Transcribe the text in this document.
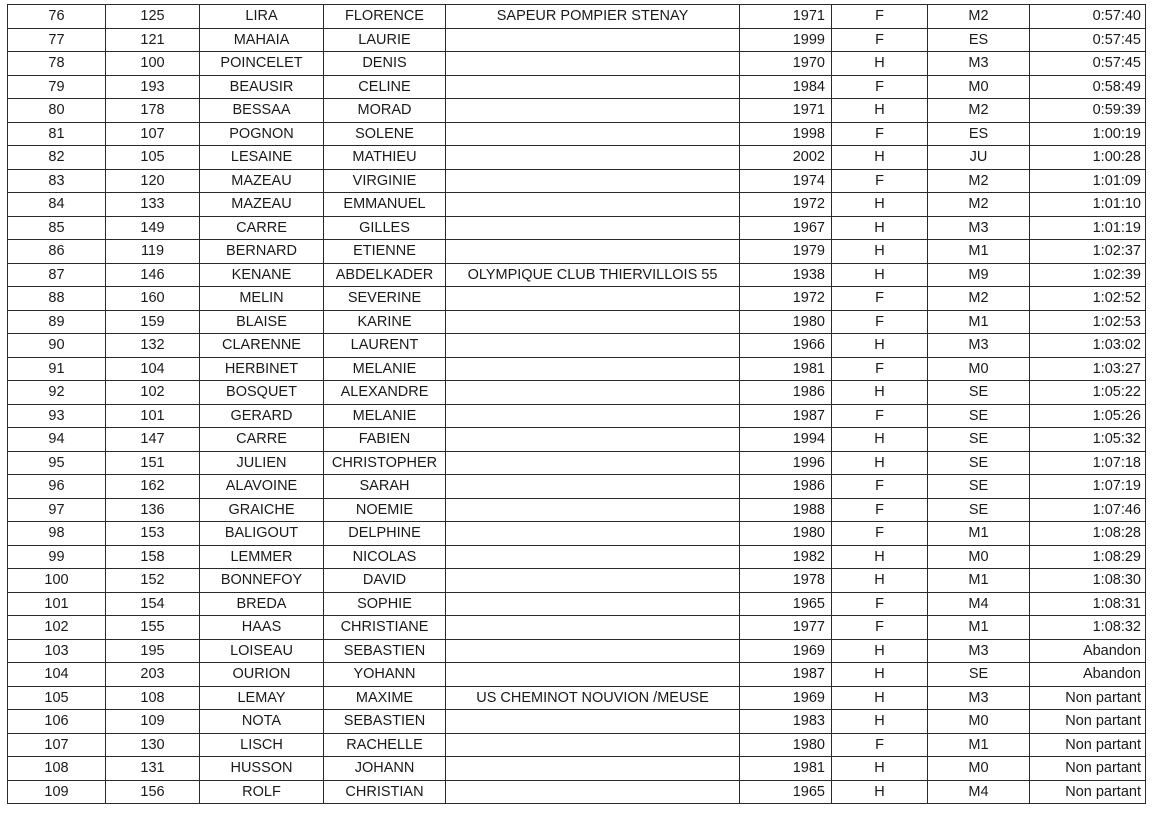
76	125	LIRA	FLORENCE	SAPEUR POMPIER STENAY	1971	F	M2	0:57:40
77	121	MAHAIA	LAURIE		1999	F	ES	0:57:45
78	100	POINCELET	DENIS		1970	H	M3	0:57:45
79	193	BEAUSIR	CELINE		1984	F	M0	0:58:49
80	178	BESSAA	MORAD		1971	H	M2	0:59:39
81	107	POGNON	SOLENE		1998	F	ES	1:00:19
82	105	LESAINE	MATHIEU		2002	H	JU	1:00:28
83	120	MAZEAU	VIRGINIE		1974	F	M2	1:01:09
84	133	MAZEAU	EMMANUEL		1972	H	M2	1:01:10
85	149	CARRE	GILLES		1967	H	M3	1:01:19
86	119	BERNARD	ETIENNE		1979	H	M1	1:02:37
87	146	KENANE	ABDELKADER	OLYMPIQUE CLUB THIERVILLOIS 55	1938	H	M9	1:02:39
88	160	MELIN	SEVERINE		1972	F	M2	1:02:52
89	159	BLAISE	KARINE		1980	F	M1	1:02:53
90	132	CLARENNE	LAURENT		1966	H	M3	1:03:02
91	104	HERBINET	MELANIE		1981	F	M0	1:03:27
92	102	BOSQUET	ALEXANDRE		1986	H	SE	1:05:22
93	101	GERARD	MELANIE		1987	F	SE	1:05:26
94	147	CARRE	FABIEN		1994	H	SE	1:05:32
95	151	JULIEN	CHRISTOPHER		1996	H	SE	1:07:18
96	162	ALAVOINE	SARAH		1986	F	SE	1:07:19
97	136	GRAICHE	NOEMIE		1988	F	SE	1:07:46
98	153	BALIGOUT	DELPHINE		1980	F	M1	1:08:28
99	158	LEMMER	NICOLAS		1982	H	M0	1:08:29
100	152	BONNEFOY	DAVID		1978	H	M1	1:08:30
101	154	BREDA	SOPHIE		1965	F	M4	1:08:31
102	155	HAAS	CHRISTIANE		1977	F	M1	1:08:32
103	195	LOISEAU	SEBASTIEN		1969	H	M3	Abandon
104	203	OURION	YOHANN		1987	H	SE	Abandon
105	108	LEMAY	MAXIME	US CHEMINOT NOUVION /MEUSE	1969	H	M3	Non partant
106	109	NOTA	SEBASTIEN		1983	H	M0	Non partant
107	130	LISCH	RACHELLE		1980	F	M1	Non partant
108	131	HUSSON	JOHANN		1981	H	M0	Non partant
109	156	ROLF	CHRISTIAN		1965	H	M4	Non partant
